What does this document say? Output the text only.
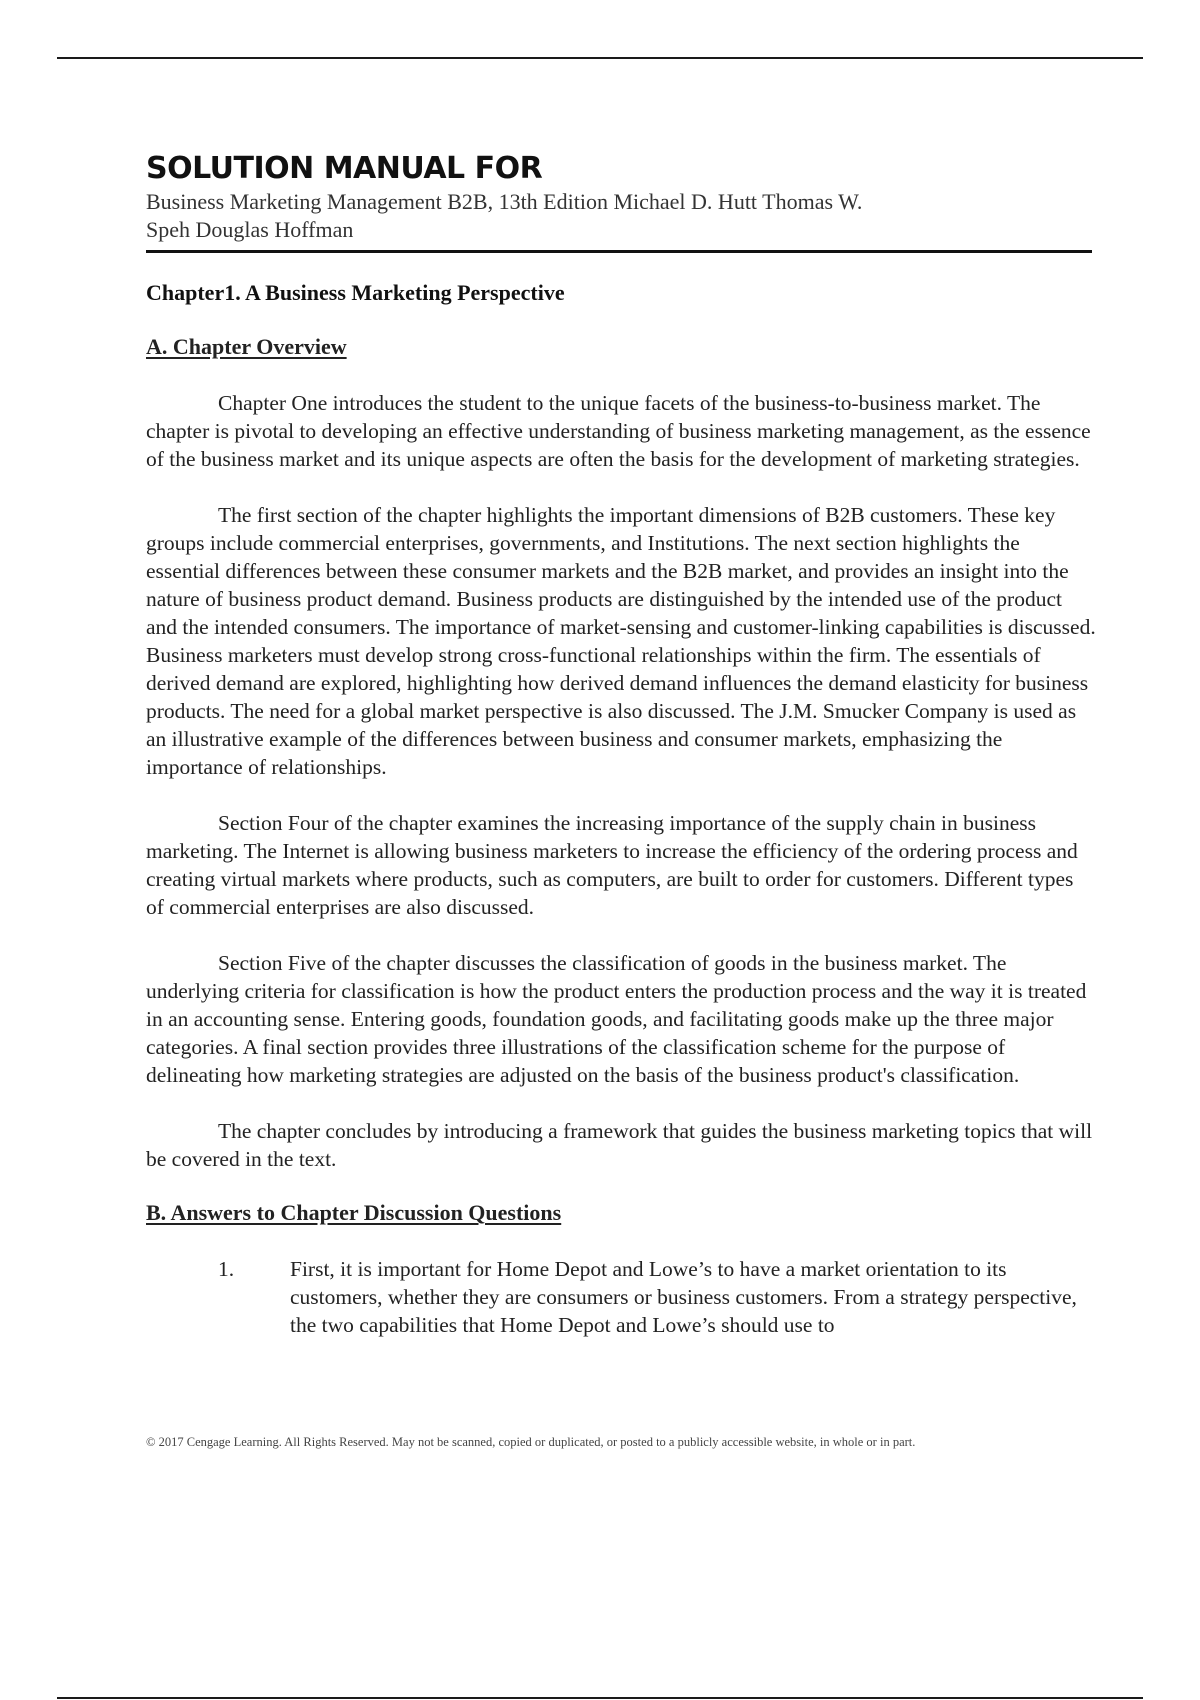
SOLUTION MANUAL FOR

Business Marketing Management B2B, 13th Edition Michael D. Hutt Thomas W. Speh Douglas Hoffman

Chapter1. A Business Marketing Perspective
A. Chapter Overview

Chapter One introduces the student to the unique facets of the business-to-business market. The chapter is pivotal to developing an effective understanding of business marketing management, as the essence of the business market and its unique aspects are often the basis for the development of marketing strategies.

The first section of the chapter highlights the important dimensions of B2B customers. These key groups include commercial enterprises, governments, and Institutions. The next section highlights the essential differences between these consumer markets and the B2B market, and provides an insight into the nature of business product demand. Business products are distinguished by the intended use of the product and the intended consumers. The importance of market-sensing and customer-linking capabilities is discussed. Business marketers must develop strong cross-functional relationships within the firm. The essentials of derived demand are explored, highlighting how derived demand influences the demand elasticity for business products. The need for a global market perspective is also discussed. The J.M. Smucker Company is used as an illustrative example of the differences between business and consumer markets, emphasizing the importance of relationships.

Section Four of the chapter examines the increasing importance of the supply chain in business marketing. The Internet is allowing business marketers to increase the efficiency of the ordering process and creating virtual markets where products, such as computers, are built to order for customers. Different types of commercial enterprises are also discussed.

Section Five of the chapter discusses the classification of goods in the business market. The underlying criteria for classification is how the product enters the production process and the way it is treated in an accounting sense. Entering goods, foundation goods, and facilitating goods make up the three major categories. A final section provides three illustrations of the classification scheme for the purpose of delineating how marketing strategies are adjusted on the basis of the business product's classification.

The chapter concludes by introducing a framework that guides the business marketing topics that will be covered in the text.

B. Answers to Chapter Discussion Questions
1.	First, it is important for Home Depot and Lowe’s to have a market orientation to its customers, whether they are consumers or business customers. From a strategy perspective, the two capabilities that Home Depot and Lowe’s should use to
© 2017 Cengage Learning. All Rights Reserved. May not be scanned, copied or duplicated, or posted to a publicly accessible website, in whole or in part.
